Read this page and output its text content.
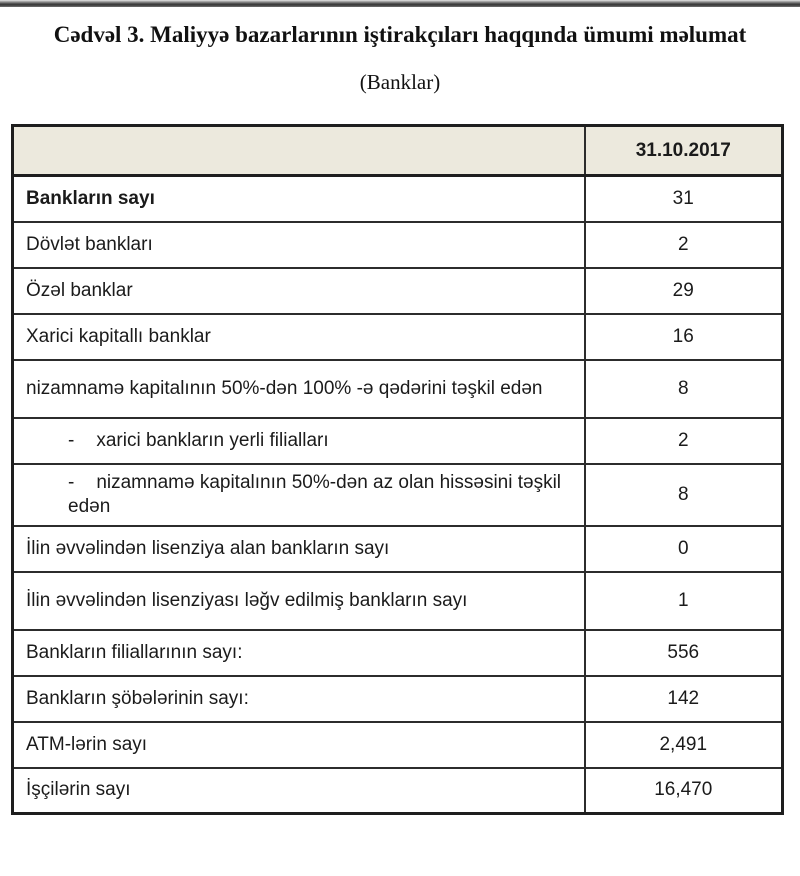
Cədvəl 3. Maliyyə bazarlarının iştirakçıları haqqında ümumi məlumat
(Banklar)
	31.10.2017

Bankların sayı	31

Dövlət bankları	2

Özəl banklar	29

Xarici kapitallı banklar	16

nizamnamə kapitalının 50%-dən 100% -ə qədərini təşkil edən	8

- xarici bankların yerli filialları	2

- nizamnamə kapitalının 50%-dən az olan hissəsini təşkil edən	8

İlin əvvəlindən lisenziya alan bankların sayı	0

İlin əvvəlindən lisenziyası ləğv edilmiş bankların sayı	1

Bankların filiallarının sayı:	556

Bankların şöbələrinin sayı:	142

ATM-lərin sayı	2,491

İşçilərin sayı	16,470
